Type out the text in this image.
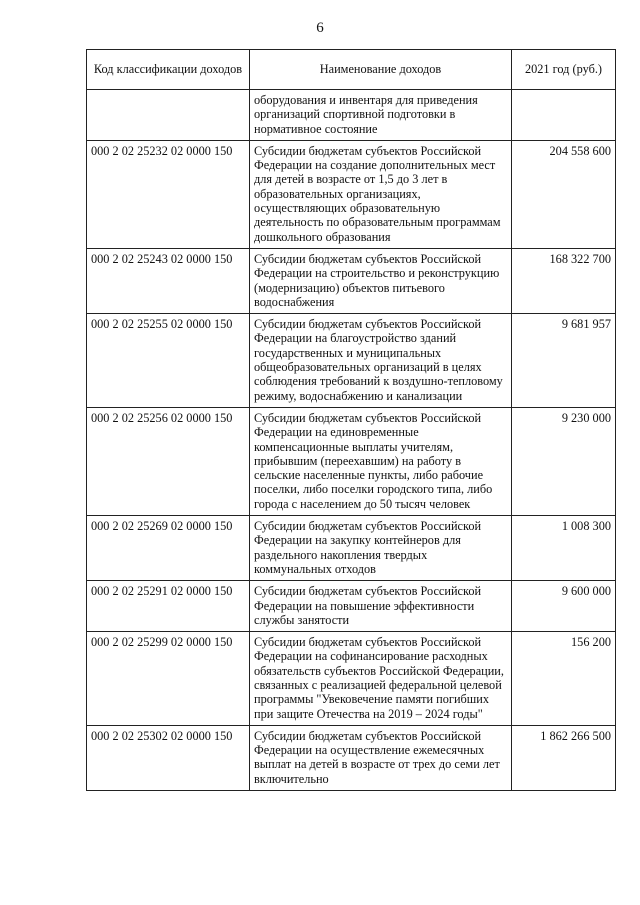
6
Код классификации доходов	Наименование доходов	2021 год (руб.)
	оборудования и инвентаря для приведения организаций спортивной подготовки в нормативное состояние	
000 2 02 25232 02 0000 150	Субсидии бюджетам субъектов Российской Федерации на создание дополнительных мест для детей в возрасте от 1,5 до 3 лет в образовательных организациях, осуществляющих образовательную деятельность по образовательным программам дошкольного образования	204 558 600
000 2 02 25243 02 0000 150	Субсидии бюджетам субъектов Российской Федерации на строительство и реконструкцию (модернизацию) объектов питьевого водоснабжения	168 322 700
000 2 02 25255 02 0000 150	Субсидии бюджетам субъектов Российской Федерации на благоустройство зданий государственных и муниципальных общеобразовательных организаций в целях соблюдения требований к воздушно-тепловому режиму, водоснабжению и канализации	9 681 957
000 2 02 25256 02 0000 150	Субсидии бюджетам субъектов Российской Федерации на единовременные компенсационные выплаты учителям, прибывшим (переехавшим) на работу в сельские населенные пункты, либо рабочие поселки, либо поселки городского типа, либо города с населением до 50 тысяч человек	9 230 000
000 2 02 25269 02 0000 150	Субсидии бюджетам субъектов Российской Федерации на закупку контейнеров для раздельного накопления твердых коммунальных отходов	1 008 300
000 2 02 25291 02 0000 150	Субсидии бюджетам субъектов Российской Федерации на повышение эффективности службы занятости	9 600 000
000 2 02 25299 02 0000 150	Субсидии бюджетам субъектов Российской Федерации на софинансирование расходных обязательств субъектов Российской Федерации, связанных с реализацией федеральной целевой программы "Увековечение памяти погибших при защите Отечества на 2019 – 2024 годы"	156 200
000 2 02 25302 02 0000 150	Субсидии бюджетам субъектов Российской Федерации на осуществление ежемесячных выплат на детей в возрасте от трех до семи лет включительно	1 862 266 500
